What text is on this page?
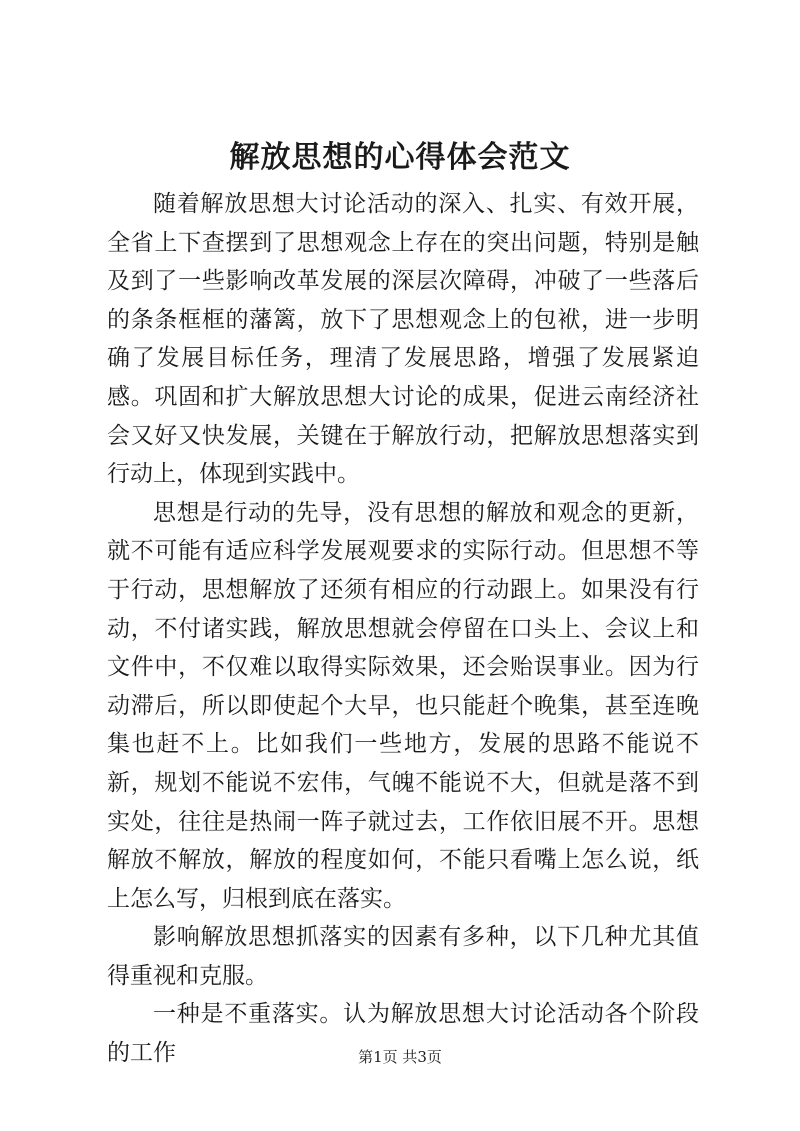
解放思想的心得体会范文

随着解放思想大讨论活动的深入、扎实、有效开展，全省上下查摆到了思想观念上存在的突出问题，特别是触及到了一些影响改革发展的深层次障碍，冲破了一些落后的条条框框的藩篱，放下了思想观念上的包袱，进一步明确了发展目标任务，理清了发展思路，增强了发展紧迫感。巩固和扩大解放思想大讨论的成果，促进云南经济社会又好又快发展，关键在于解放行动，把解放思想落实到行动上，体现到实践中。

思想是行动的先导，没有思想的解放和观念的更新，就不可能有适应科学发展观要求的实际行动。但思想不等于行动，思想解放了还须有相应的行动跟上。如果没有行动，不付诸实践，解放思想就会停留在口头上、会议上和文件中，不仅难以取得实际效果，还会贻误事业。因为行动滞后，所以即使起个大早，也只能赶个晚集，甚至连晚集也赶不上。比如我们一些地方，发展的思路不能说不新，规划不能说不宏伟，气魄不能说不大，但就是落不到实处，往往是热闹一阵子就过去，工作依旧展不开。思想解放不解放，解放的程度如何，不能只看嘴上怎么说，纸上怎么写，归根到底在落实。

影响解放思想抓落实的因素有多种，以下几种尤其值得重视和克服。

一种是不重落实。认为解放思想大讨论活动各个阶段的工作	第1页 共3页
